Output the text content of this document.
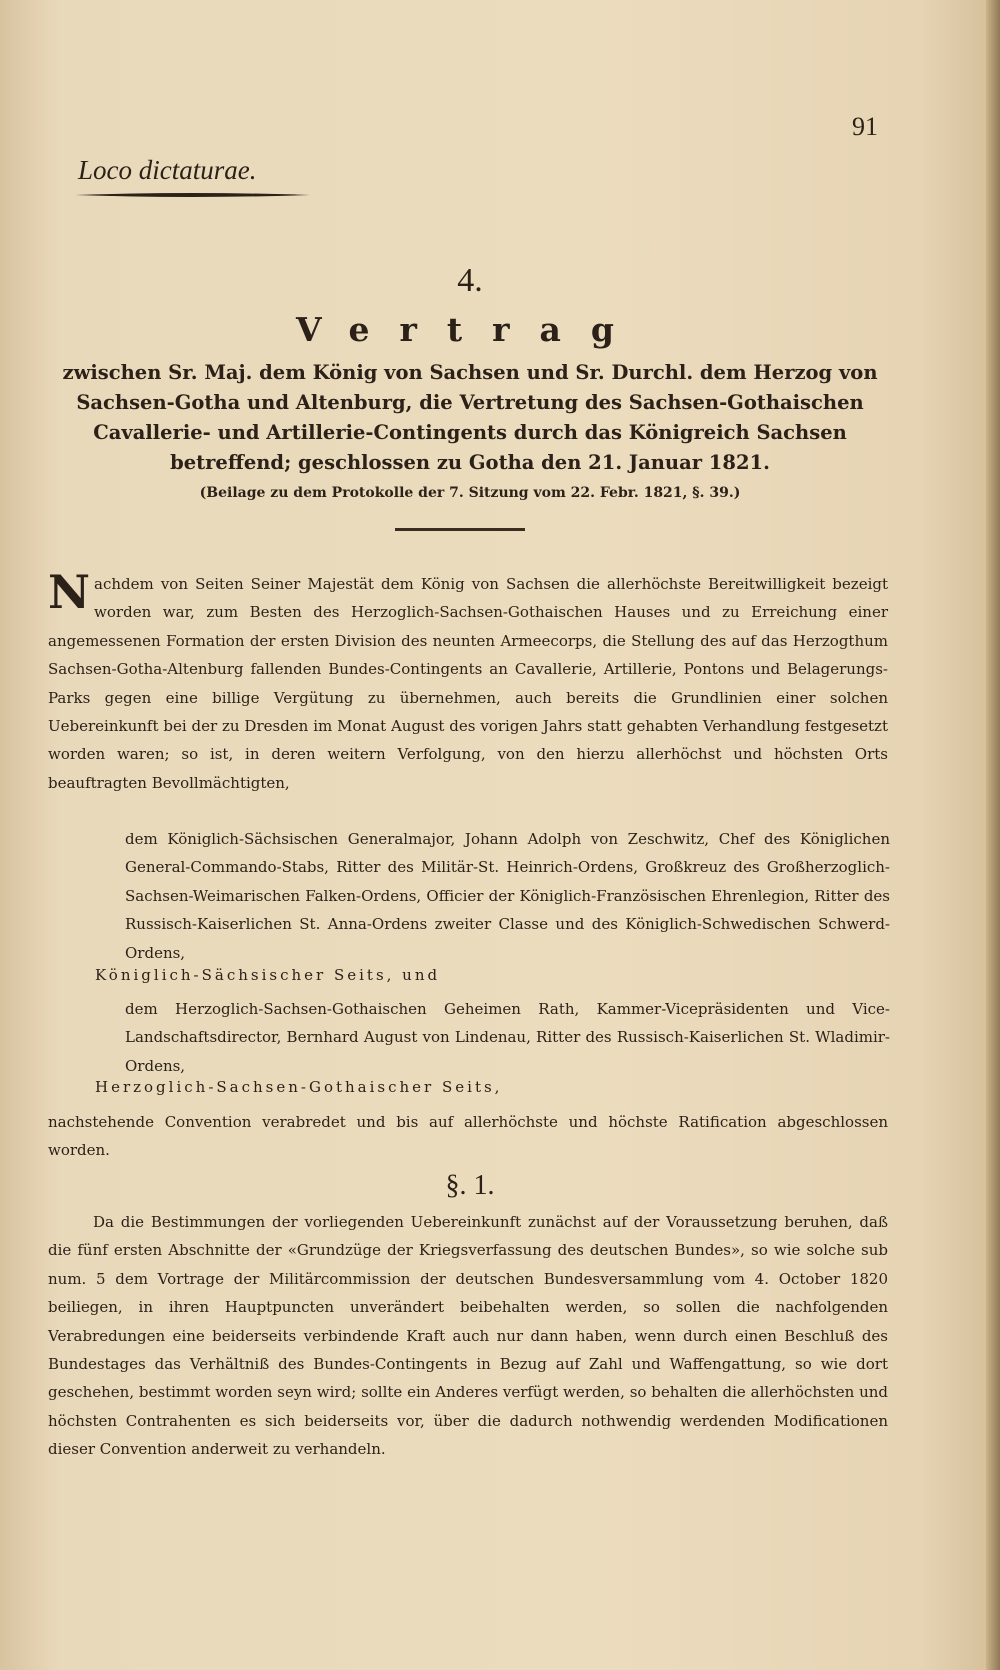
91
Loco dictaturae.
4.
Vertrag
zwischen Sr. Maj. dem König von Sachsen und Sr. Durchl. dem Herzog von Sachsen-Gotha und Altenburg, die Vertretung des Sachsen-Gothaischen Cavallerie- und Artillerie-Contingents durch das Königreich Sachsen betreffend; geschlossen zu Gotha den 21. Januar 1821.
(Beilage zu dem Protokolle der 7. Sitzung vom 22. Febr. 1821, §. 39.)

Nachdem von Seiten Seiner Majestät dem König von Sachsen die allerhöchste Bereitwilligkeit bezeigt worden war, zum Besten des Herzoglich-Sachsen-Gothaischen Hauses und zu Erreichung einer angemessenen Formation der ersten Division des neunten Armeecorps, die Stellung des auf das Herzogthum Sachsen-Gotha-Altenburg fallenden Bundes-Contingents an Cavallerie, Artillerie, Pontons und Belagerungs-Parks gegen eine billige Vergütung zu übernehmen, auch bereits die Grundlinien einer solchen Uebereinkunft bei der zu Dresden im Monat August des vorigen Jahrs statt gehabten Verhandlung festgesetzt worden waren; so ist, in deren weitern Verfolgung, von den hierzu allerhöchst und höchsten Orts beauftragten Bevollmächtigten,

dem Königlich-Sächsischen Generalmajor, Johann Adolph von Zeschwitz, Chef des Königlichen General-Commando-Stabs, Ritter des Militär-St. Heinrich-Ordens, Großkreuz des Großherzoglich-Sachsen-Weimarischen Falken-Ordens, Officier der Königlich-Französischen Ehrenlegion, Ritter des Russisch-Kaiserlichen St. Anna-Ordens zweiter Classe und des Königlich-Schwedischen Schwerd-Ordens,

Königlich-Sächsischer Seits, und

dem Herzoglich-Sachsen-Gothaischen Geheimen Rath, Kammer-Vicepräsidenten und Vice-Landschaftsdirector, Bernhard August von Lindenau, Ritter des Russisch-Kaiserlichen St. Wladimir-Ordens,

Herzoglich-Sachsen-Gothaischer Seits,

nachstehende Convention verabredet und bis auf allerhöchste und höchste Ratification abgeschlossen worden.

§. 1.

Da die Bestimmungen der vorliegenden Uebereinkunft zunächst auf der Voraussetzung beruhen, daß die fünf ersten Abschnitte der «Grundzüge der Kriegsverfassung des deutschen Bundes», so wie solche sub num. 5 dem Vortrage der Militärcommission der deutschen Bundesversammlung vom 4. October 1820 beiliegen, in ihren Hauptpuncten unverändert beibehalten werden, so sollen die nachfolgenden Verabredungen eine beiderseits verbindende Kraft auch nur dann haben, wenn durch einen Beschluß des Bundestages das Verhältniß des Bundes-Contingents in Bezug auf Zahl und Waffengattung, so wie dort geschehen, bestimmt worden seyn wird; sollte ein Anderes verfügt werden, so behalten die allerhöchsten und höchsten Contrahenten es sich beiderseits vor, über die dadurch nothwendig werdenden Modificationen dieser Convention anderweit zu verhandeln.
